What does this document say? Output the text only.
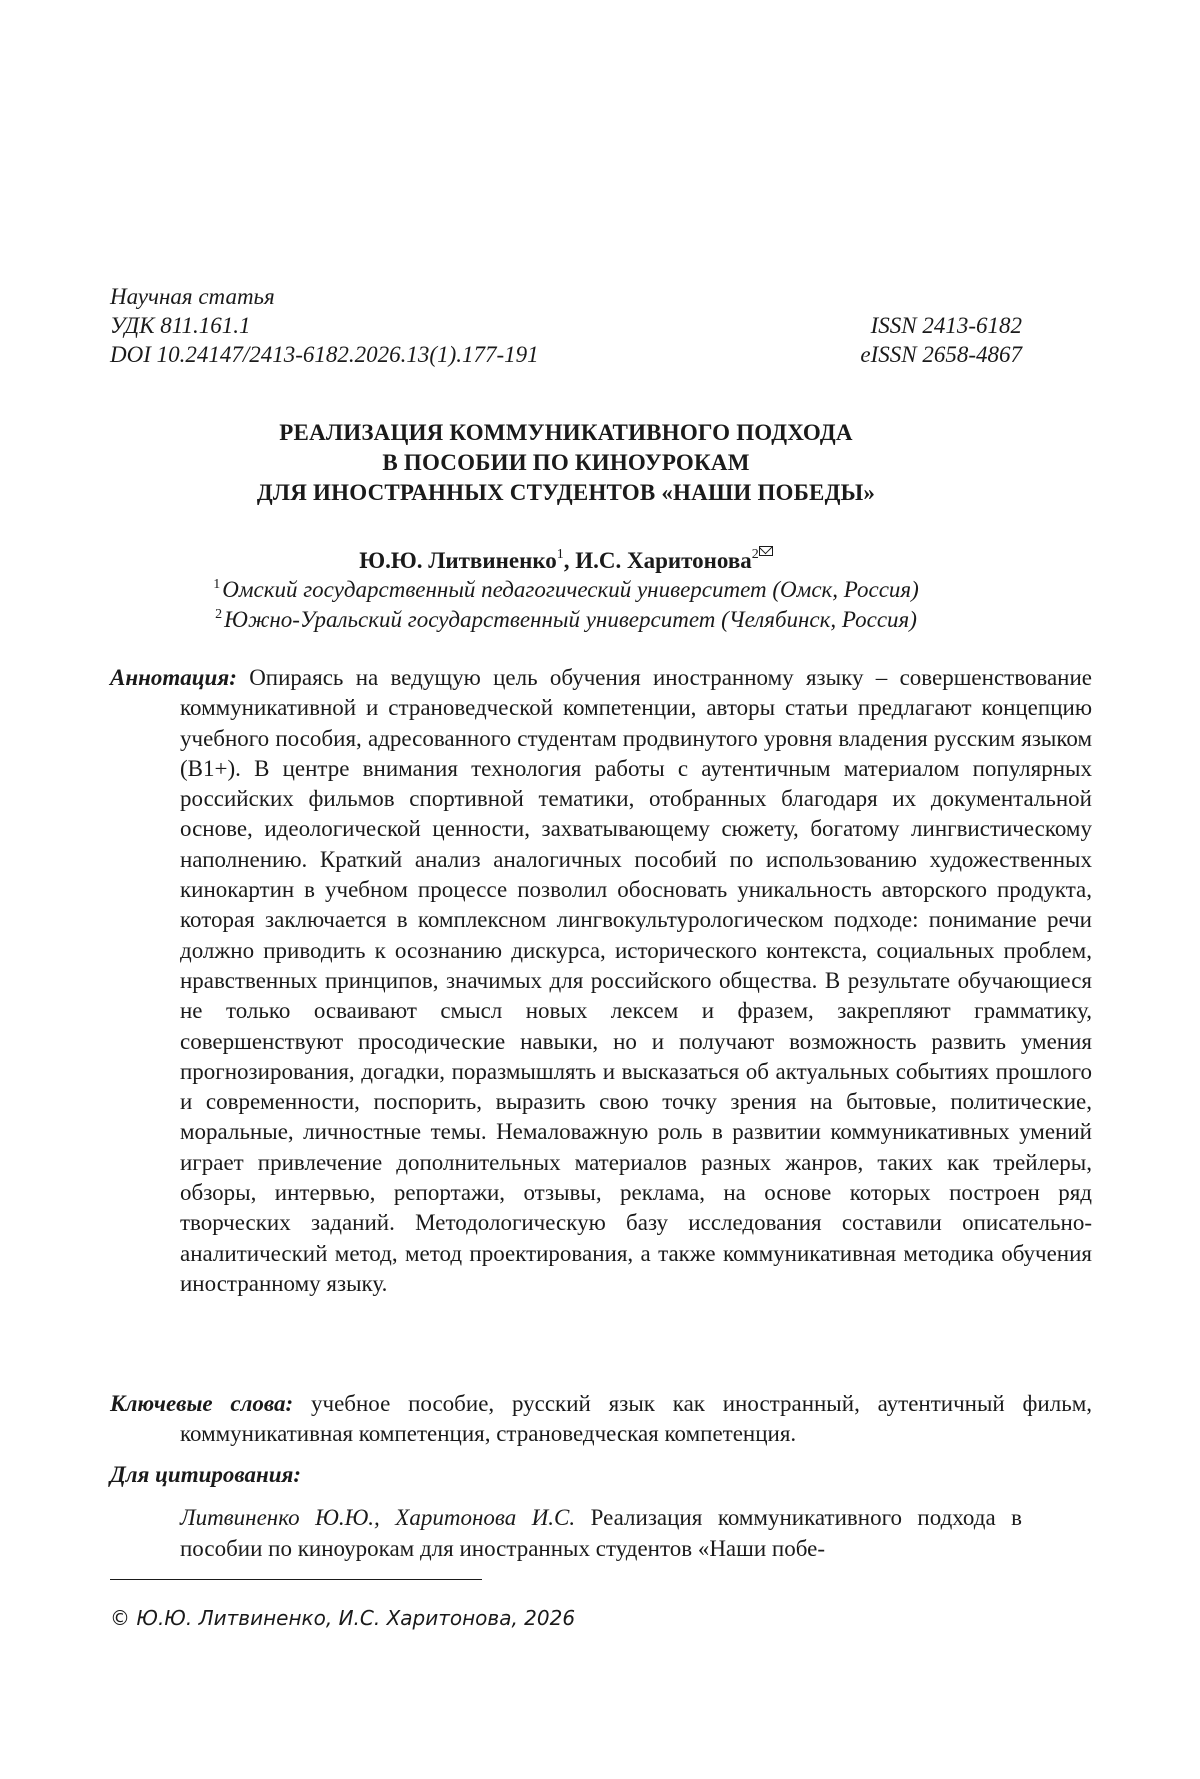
Научная статья
УДК 811.161.1	ISSN 2413-6182
DOI 10.24147/2413-6182.2026.13(1).177-191	eISSN 2658-4867
РЕАЛИЗАЦИЯ КОММУНИКАТИВНОГО ПОДХОДА
В ПОСОБИИ ПО КИНОУРОКАМ
ДЛЯ ИНОСТРАННЫХ СТУДЕНТОВ «НАШИ ПОБЕДЫ»
Ю.Ю. Литвиненко$^1$, И.С. Харитонова$^2$
$^1$Омский государственный педагогический университет (Омск, Россия)
$^2$Южно-Уральский государственный университет (Челябинск, Россия)
Аннотация: Опираясь на ведущую цель обучения иностранному языку – совершенствование коммуникативной и страноведческой компетенции, авторы статьи предлагают концепцию учебного пособия, адресованного студентам продвинутого уровня владения русским языком (B1+). В центре внимания технология работы с аутентичным материалом популярных российских фильмов спортивной тематики, отобранных благодаря их документальной основе, идеологической ценности, захватывающему сюжету, богатому лингвистическому наполнению. Краткий анализ аналогичных пособий по использованию художественных кинокартин в учебном процессе позволил обосновать уникальность авторского продукта, которая заключается в комплексном лингвокультурологическом подходе: понимание речи должно приводить к осознанию дискурса, исторического контекста, социальных проблем, нравственных принципов, значимых для российского общества. В результате обучающиеся не только осваивают смысл новых лексем и фразем, закрепляют грамматику, совершенствуют просодические навыки, но и получают возможность развить умения прогнозирования, догадки, поразмышлять и высказаться об актуальных событиях прошлого и современности, поспорить, выразить свою точку зрения на бытовые, политические, моральные, личностные темы. Немаловажную роль в развитии коммуникативных умений играет привлечение дополнительных материалов разных жанров, таких как трейлеры, обзоры, интервью, репортажи, отзывы, реклама, на основе которых построен ряд творческих заданий. Методологическую базу исследования составили описательно-аналитический метод, метод проектирования, а также коммуникативная методика обучения иностранному языку.
Ключевые слова: учебное пособие, русский язык как иностранный, аутентичный фильм, коммуникативная компетенция, страноведческая компетенция.
Для цитирования:
Литвиненко Ю.Ю., Харитонова И.С. Реализация коммуникативного подхода в пособии по киноурокам для иностранных студентов «Наши побе-
© Ю.Ю. Литвиненко, И.С. Харитонова, 2026
